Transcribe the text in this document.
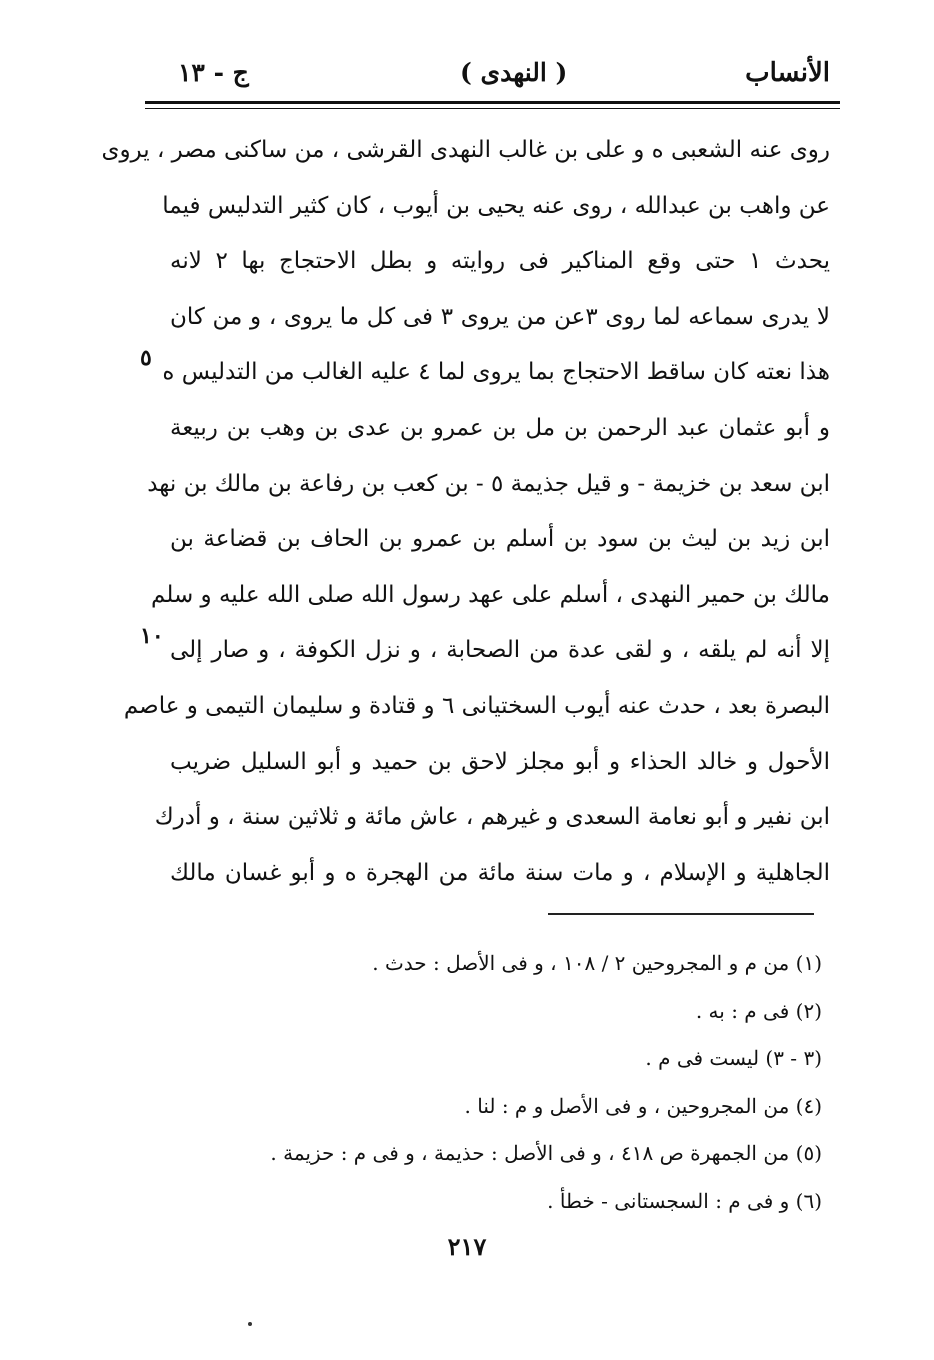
الأنساب
( النهدی )
ج - ١٣
روی عنه الشعبی ه و علی بن غالب النهدی القرشی ، من ساکنی مصر ، یروی
عن واهب بن عبدالله ، روی عنه یحیی بن أیوب ، کان کثیر التدلیس فیما
یحدث ١ حتی وقع المناکیر فی روایته و بطل الاحتجاج بها ٢ لانه
لا یدری سماعه لما روی ٣عن من یروی ٣ فی کل ما یروی ، و من کان
هذا نعته کان ساقط الاحتجاج بما یروی لما ٤ علیه الغالب من التدلیس ه
و أبو عثمان عبد الرحمن بن مل بن عمرو بن عدی بن وهب بن ربیعة
ابن سعد بن خزیمة - و قیل جذیمة ٥ - بن کعب بن رفاعة بن مالك بن نهد
ابن زید بن لیث بن سود بن أسلم بن عمرو بن الحاف بن قضاعة بن
مالك بن حمیر النهدی ، أسلم علی عهد رسول الله صلی الله علیه و سلم
إلا أنه لم یلقه ، و لقی عدة من الصحابة ، و نزل الکوفة ، و صار إلی
البصرة بعد ، حدث عنه أیوب السختیانی ٦ و قتادة و سلیمان التیمی و عاصم
الأحول و خالد الحذاء و أبو مجلز لاحق بن حمید و أبو السلیل ضریب
ابن نفیر و أبو نعامة السعدی و غیرهم ، عاش مائة و ثلاثین سنة ، و أدرك
الجاهلیة و الإسلام ، و مات سنة مائة من الهجرة ه و أبو غسان مالك
٥
١٠
(١) من م و المجروحین ٢ / ١٠٨ ، و فی الأصل : حدث .
(٢) فی م : به .
(٣ - ٣) لیست فی م .
(٤) من المجروحین ، و فی الأصل و م : لنا .
(٥) من الجمهرة ص ٤١٨ ، و فی الأصل : حذیمة ، و فی م : حزیمة .
(٦) و فی م : السجستانی - خطأ .
٢١٧
